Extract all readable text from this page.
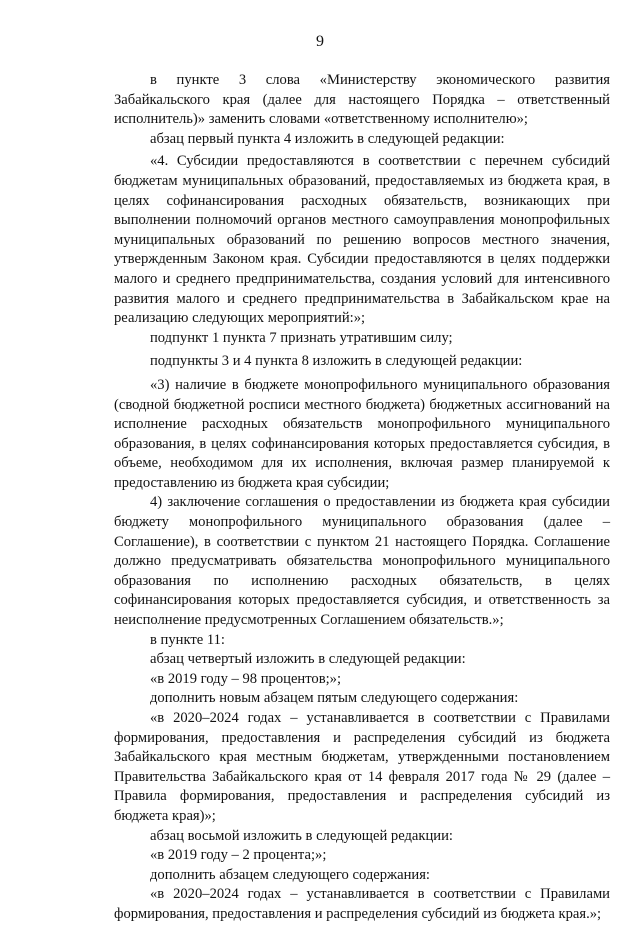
9

в пункте 3 слова «Министерству экономического развития Забайкальского края (далее для настоящего Порядка – ответственный исполнитель)» заменить словами «ответственному исполнителю»;

абзац первый пункта 4 изложить в следующей редакции:

«4. Субсидии предоставляются в соответствии с перечнем субсидий бюджетам муниципальных образований, предоставляемых из бюджета края, в целях софинансирования расходных обязательств, возникающих при выполнении полномочий органов местного самоуправления монопрофильных муниципальных образований по решению вопросов местного значения, утвержденным Законом края. Субсидии предоставляются в целях поддержки малого и среднего предпринимательства, создания условий для интенсивного развития малого и среднего предпринимательства в Забайкальском крае на реализацию следующих мероприятий:»;

подпункт 1 пункта 7 признать утратившим силу;

подпункты 3 и 4 пункта 8 изложить в следующей редакции:

«3) наличие в бюджете монопрофильного муниципального образования (сводной бюджетной росписи местного бюджета) бюджетных ассигнований на исполнение расходных обязательств монопрофильного муниципального образования, в целях софинансирования которых предоставляется субсидия, в объеме, необходимом для их исполнения, включая размер планируемой к предоставлению из бюджета края субсидии;

4) заключение соглашения о предоставлении из бюджета края субсидии бюджету монопрофильного муниципального образования (далее – Соглашение), в соответствии с пунктом 21 настоящего Порядка. Соглашение должно предусматривать обязательства монопрофильного муниципального образования по исполнению расходных обязательств, в целях софинансирования которых предоставляется субсидия, и ответственность за неисполнение предусмотренных Соглашением обязательств.»;

в пункте 11:

абзац четвертый изложить в следующей редакции:

«в 2019 году – 98 процентов;»;

дополнить новым абзацем пятым следующего содержания:

«в 2020–2024 годах – устанавливается в соответствии с Правилами формирования, предоставления и распределения субсидий из бюджета Забайкальского края местным бюджетам, утвержденными постановлением Правительства Забайкальского края от 14 февраля 2017 года № 29 (далее – Правила формирования, предоставления и распределения субсидий из бюджета края)»;

абзац восьмой изложить в следующей редакции:

«в 2019 году – 2 процента;»;

дополнить абзацем следующего содержания:

«в 2020–2024 годах – устанавливается в соответствии с Правилами формирования, предоставления и распределения субсидий из бюджета края.»;
